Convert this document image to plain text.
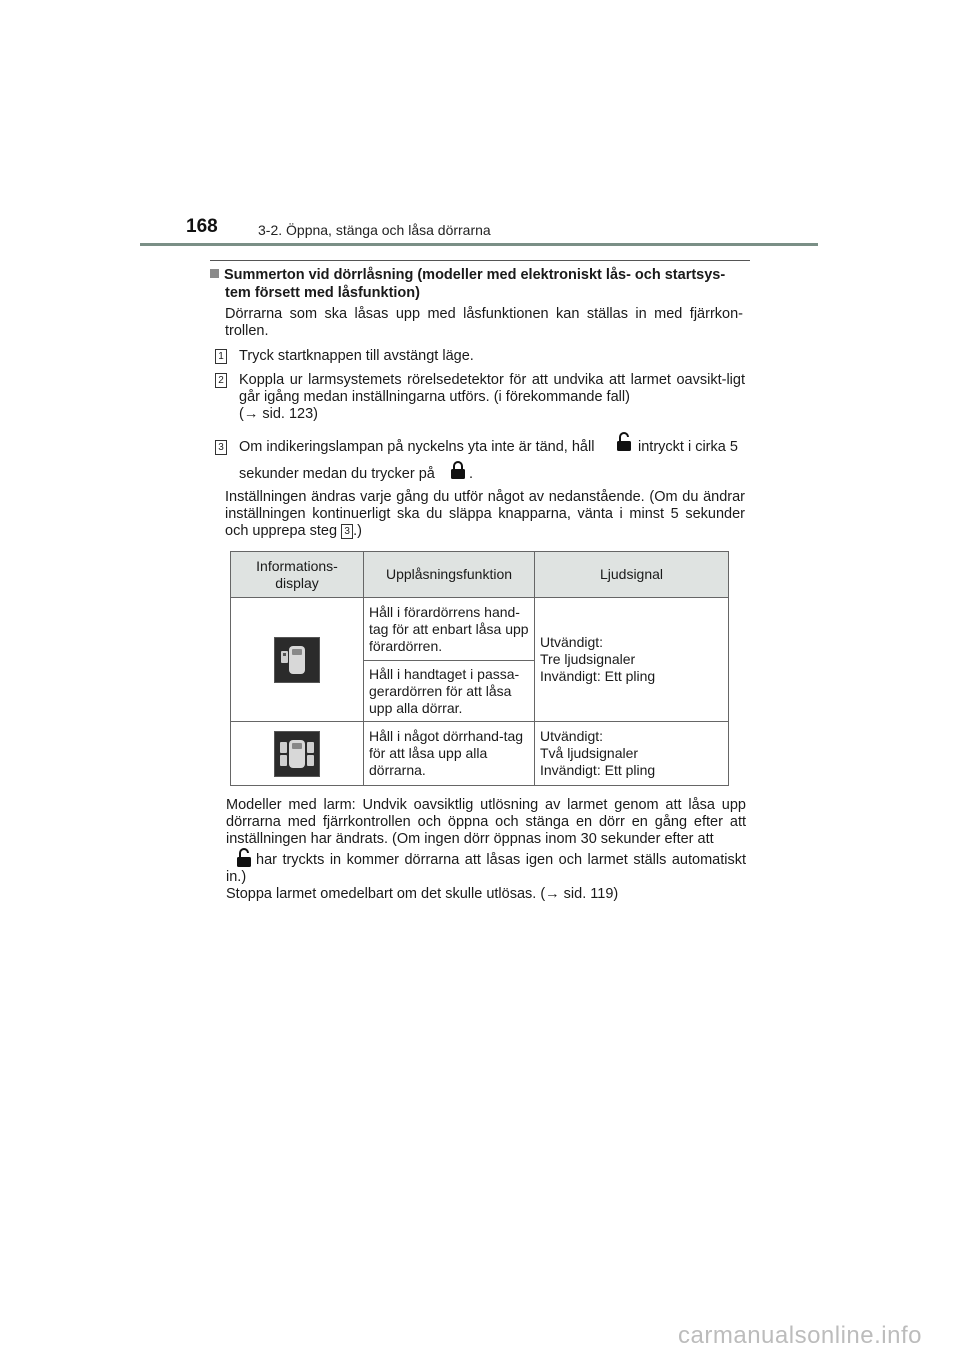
168	3-2. Öppna, stänga och låsa dörrarna
Summerton vid dörrlåsning (modeller med elektroniskt lås- och startsys-
tem försett med låsfunktion)
Dörrarna som ska låsas upp med låsfunktionen kan ställas in med fjärrkon-trollen.
1 Tryck startknappen till avstängt läge.
2 Koppla ur larmsystemets rörelsedetektor för att undvika att larmet oavsikt-ligt går igång medan inställningarna utförs. (i förekommande fall)
(→ sid. 123)
3 Om indikeringslampan på nyckelns yta inte är tänd, håll	intryckt i cirka 5
sekunder medan du trycker på	.
Inställningen ändras varje gång du utför något av nedanstående. (Om du ändrar inställningen kontinuerligt ska du släppa knapparna, vänta i minst 5 sekunder och upprepa steg 3 .)
Informations-display	Upplåsningsfunktion	Ljudsignal

	Håll i förardörrens hand-tag för att enbart låsa upp förardörren.	Utvändigt:
Tre ljudsignaler
Invändigt: Ett pling

	Håll i handtaget i passa-gerardörren för att låsa upp alla dörrar.	

	Håll i något dörrhand-tag för att låsa upp alla dörrarna.	Utvändigt:
Två ljudsignaler
Invändigt: Ett pling
Modeller med larm: Undvik oavsiktlig utlösning av larmet genom att låsa upp dörrarna med fjärrkontrollen och öppna och stänga en dörr en gång efter att inställningen har ändrats. (Om ingen dörr öppnas inom 30 sekunder efter att
har tryckts in kommer dörrarna att låsas igen och larmet ställs automatiskt in.)
Stoppa larmet omedelbart om det skulle utlösas. (→ sid. 119)
carmanualsonline.info
